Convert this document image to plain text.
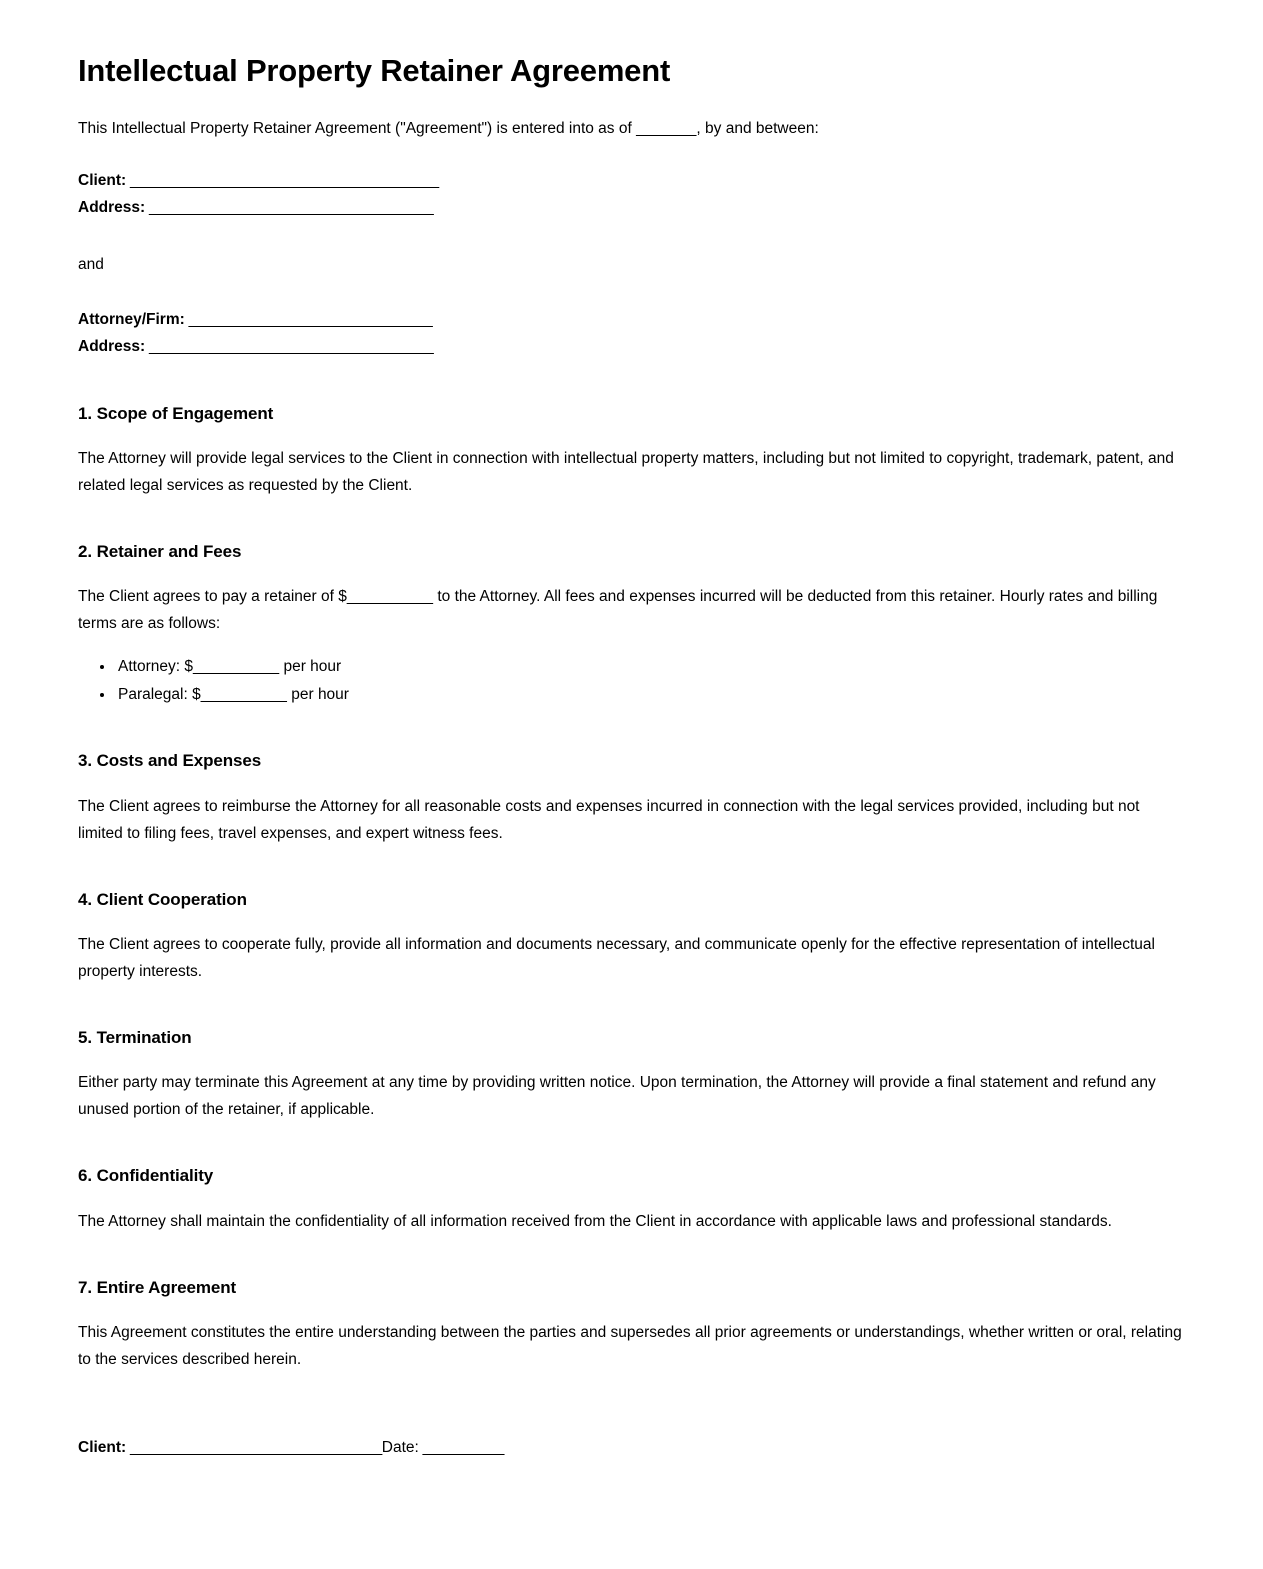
Intellectual Property Retainer Agreement

This Intellectual Property Retainer Agreement ("Agreement") is entered into as of _______, by and between:

Client: ______________________________________
Address: ___________________________________
and
Attorney/Firm: ______________________________
Address: ___________________________________
1. Scope of Engagement

The Attorney will provide legal services to the Client in connection with intellectual property matters, including but not limited to copyright, trademark, patent, and related legal services as requested by the Client.

2. Retainer and Fees

The Client agrees to pay a retainer of $__________ to the Attorney. All fees and expenses incurred will be deducted from this retainer. Hourly rates and billing terms are as follows:

• Attorney: $__________ per hour
• Paralegal: $__________ per hour
3. Costs and Expenses

The Client agrees to reimburse the Attorney for all reasonable costs and expenses incurred in connection with the legal services provided, including but not limited to filing fees, travel expenses, and expert witness fees.

4. Client Cooperation

The Client agrees to cooperate fully, provide all information and documents necessary, and communicate openly for the effective representation of intellectual property interests.

5. Termination

Either party may terminate this Agreement at any time by providing written notice. Upon termination, the Attorney will provide a final statement and refund any unused portion of the retainer, if applicable.

6. Confidentiality

The Attorney shall maintain the confidentiality of all information received from the Client in accordance with applicable laws and professional standards.

7. Entire Agreement

This Agreement constitutes the entire understanding between the parties and supersedes all prior agreements or understandings, whether written or oral, relating to the services described herein.

Client: _______________________________Date: __________
